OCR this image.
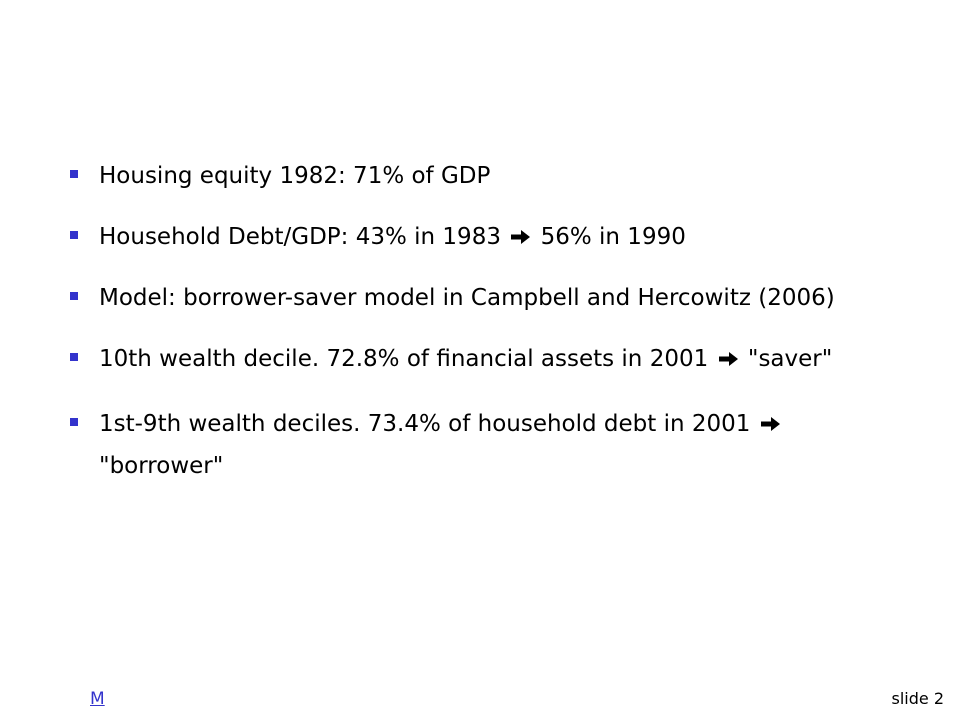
Housing equity 1982: 71% of GDP
Household Debt/GDP: 43% in 1983 56% in 1990
Model: borrower-saver model in Campbell and Hercowitz (2006)
10th wealth decile. 72.8% of financial assets in 2001 "saver"
1st-9th wealth deciles. 73.4% of household debt in 2001
"borrower"
M	slide 2
